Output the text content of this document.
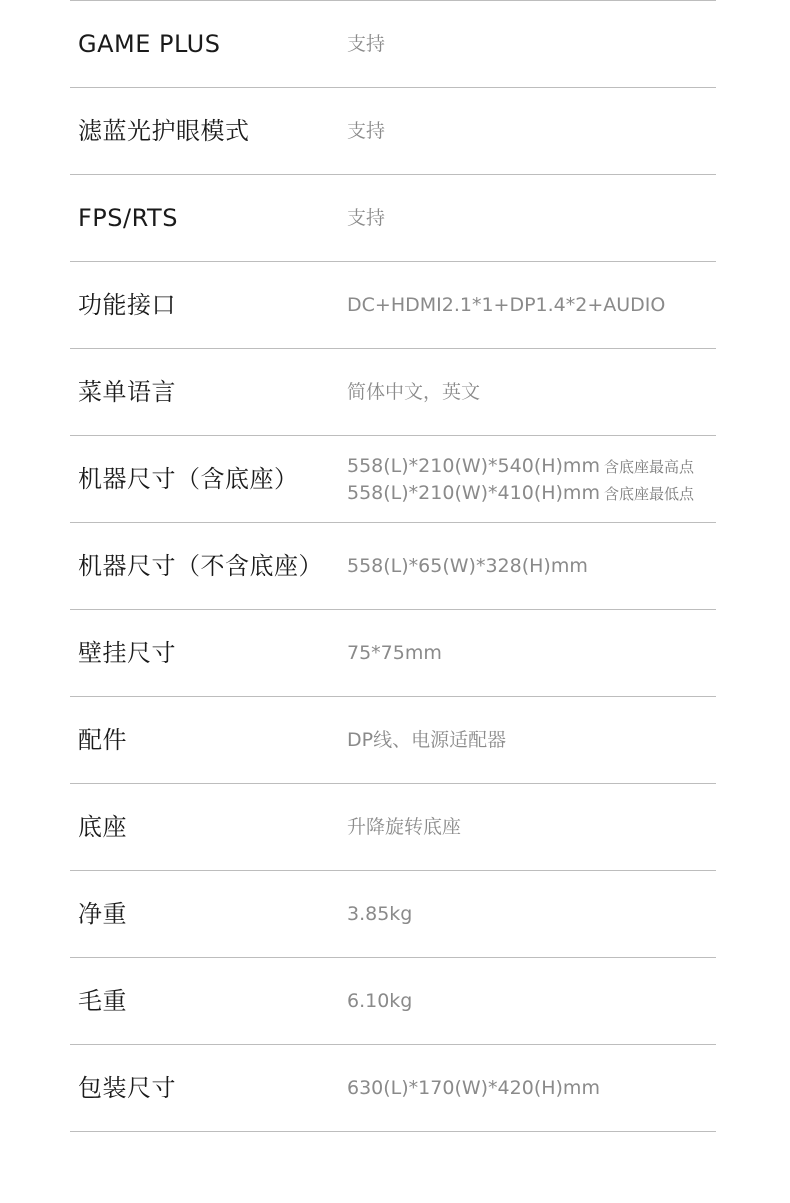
GAME PLUS	支持
滤蓝光护眼模式	支持
FPS/RTS	支持
功能接口	DC+HDMI2.1*1+DP1.4*2+AUDIO
菜单语言	简体中文，英文
机器尺寸（含底座）	558(L)*210(W)*540(H)mm 含底座最高点
558(L)*210(W)*410(H)mm 含底座最低点
机器尺寸（不含底座） 558(L)*65(W)*328(H)mm
壁挂尺寸	75*75mm
配件	DP线、电源适配器
底座	升降旋转底座
净重	3.85kg
毛重	6.10kg
包装尺寸	630(L)*170(W)*420(H)mm
